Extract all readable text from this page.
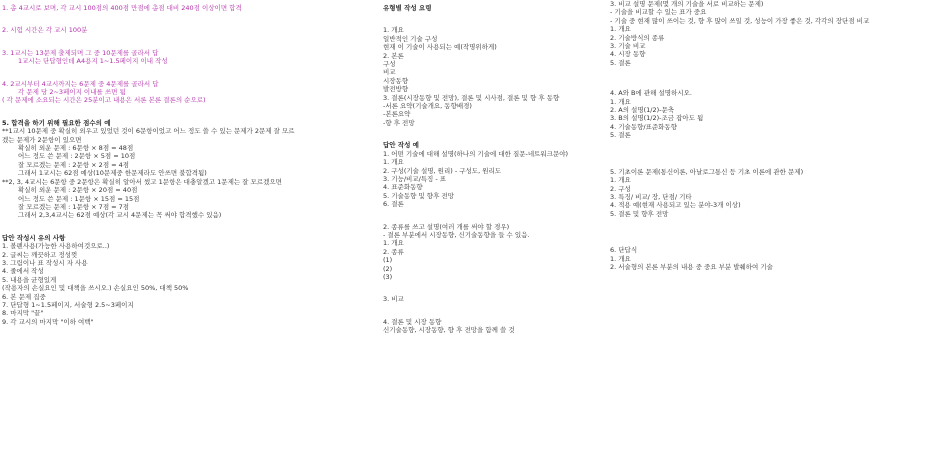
1. 총 4교시로 보며, 각 교시 100점의 400점 만점에 총점 대비 240점 이상이면 합격
2. 시험 시간은 각 교시 100분
3. 1교시는 13문제 출제되며 그 중 10문제를 골라서 답
1교시는 단답형인데 A4용지 1~1.5페이지 이내 작성
4. 2교시부터 4교시까지는 6문제 중 4문제를 골라서 답
각 문제 당 2~3페이지 이내를 쓰면 됨
( 각 문제에 소요되는 시간은 25분이고 내용은 서론 본론 결론의 순으로)
5. 합격을 하기 위해 필요한 점수의 예
**1교시 10문제 중 확실히 외우고 있었던 것이 6문항이었고 어느 정도 쓸 수 있는 문제가 2문제 잘 모르
겠는 문제가 2문항이 있으면
확실히 외운 문제 : 6문항 × 8점 = 48점
어느 정도 쓴 문제 : 2문항 × 5점 = 10점
잘 모르겠는 문제 : 2문항 × 2점 = 4점
그래서 1교시는 62점 예상(10문제중 한문제라도 안쓰면 불합격됨)
**2, 3, 4교시는 6문항 중 2문항은 확실히 알아서 썼고 1문항은 대충알겠고 1문제는 잘 모르겠으면
확실히 외운 문제 : 2문항 × 20점 = 40점
어느 정도 쓴 문제 : 1문항 × 15점 = 15점
잘 모르겠는 문제 : 1문항 × 7점 = 7점
그래서 2,3,4교시는 62점 예상(각 교시 4문제는 꼭 써야 합격했수 있음)
답안 작성시 유의 사항
1. 볼펜사용(가능한 사용하여것으로..)
2. 글씨는 깨끗하고 정성껏
3. 그림이나 표 작성시 자 사용
4. 줄에서 작성
5. 내용을 균형있게
(작용자의 손실요인 및 대책을 쓰시오.) 손실요인 50%, 대책 50%
6. 본 문제 집중
7. 단답형 1~1.5페이지, 서술형 2.5~3페이지
8. 마지막 "끝"
9. 각 교시의 마지막 "이하 여백"
유형별 작성 요령
1. 개요
일반적인 기술 구성
현재 이 기술이 사용되는 예(작명위하게)
2. 본론
구성
비교
시장동향
발전방향
3. 결론(시장동향 및 전망), 결론 및 시사점, 결론 및 향 후 동향
-서론 요약(기술개요, 동향배경)
-본론요약
-향 후 전망
답안 작성 예
1. 어떤 기술에 대해 설명(하나의 기술에 대한 질문-네트워크문야)
1. 개요
2. 구성(기술 설명, 원리) - 구성도, 원리도
3. 기능/비교/특징 - 표
4. 표준화동향
5. 기술동향 및 향후 전망
6. 결론
2. 종류를 쓰고 설명(여러 개를 써야 할 경우)
- 결론 부분에서 시장동향, 신기술동향을 들 수 있음.
1. 개요
2. 종류
(1)
(2)
(3)
3. 비교
4. 결론 및 시장 동향
신기술동향, 시장동향, 향 후 전망을 함께 쓸 것
3. 비교 설명 문제(몇 개의 기술을 서로 비교하는 문제)
- 기술을 비교할 수 있는 표가 중요
- 기술 중 현재 많이 쓰이는 것, 향 후 많이 쓰일 것, 성능이 가장 좋은 것, 각각의 장단점 비교
1. 개요
2. 기술방식의 종류
3. 기술 비교
4. 시장 동향
5. 결론
4. A와 B에 관해 설명하시오.
1. 개요
2. A의 설명(1/2)-문축
3. B의 설명(1/2)-조금 잡아도 됨
4. 기술동향/표준화동향
5. 결론
5. 기초이론 문제(통신이론, 아날로그통신 등 기초 이론에 관한 문제)
1. 개요
2. 구성
3. 특징/ 비교/ 장, 단점/ 기타
4. 적용 예(현재 사용되고 있는 분야-3개 이상)
5. 결론 및 향후 전망
6. 단답식
1. 개요
2. 서술형의 본론 부분의 내용 중 중요 부분 발췌하여 기술
